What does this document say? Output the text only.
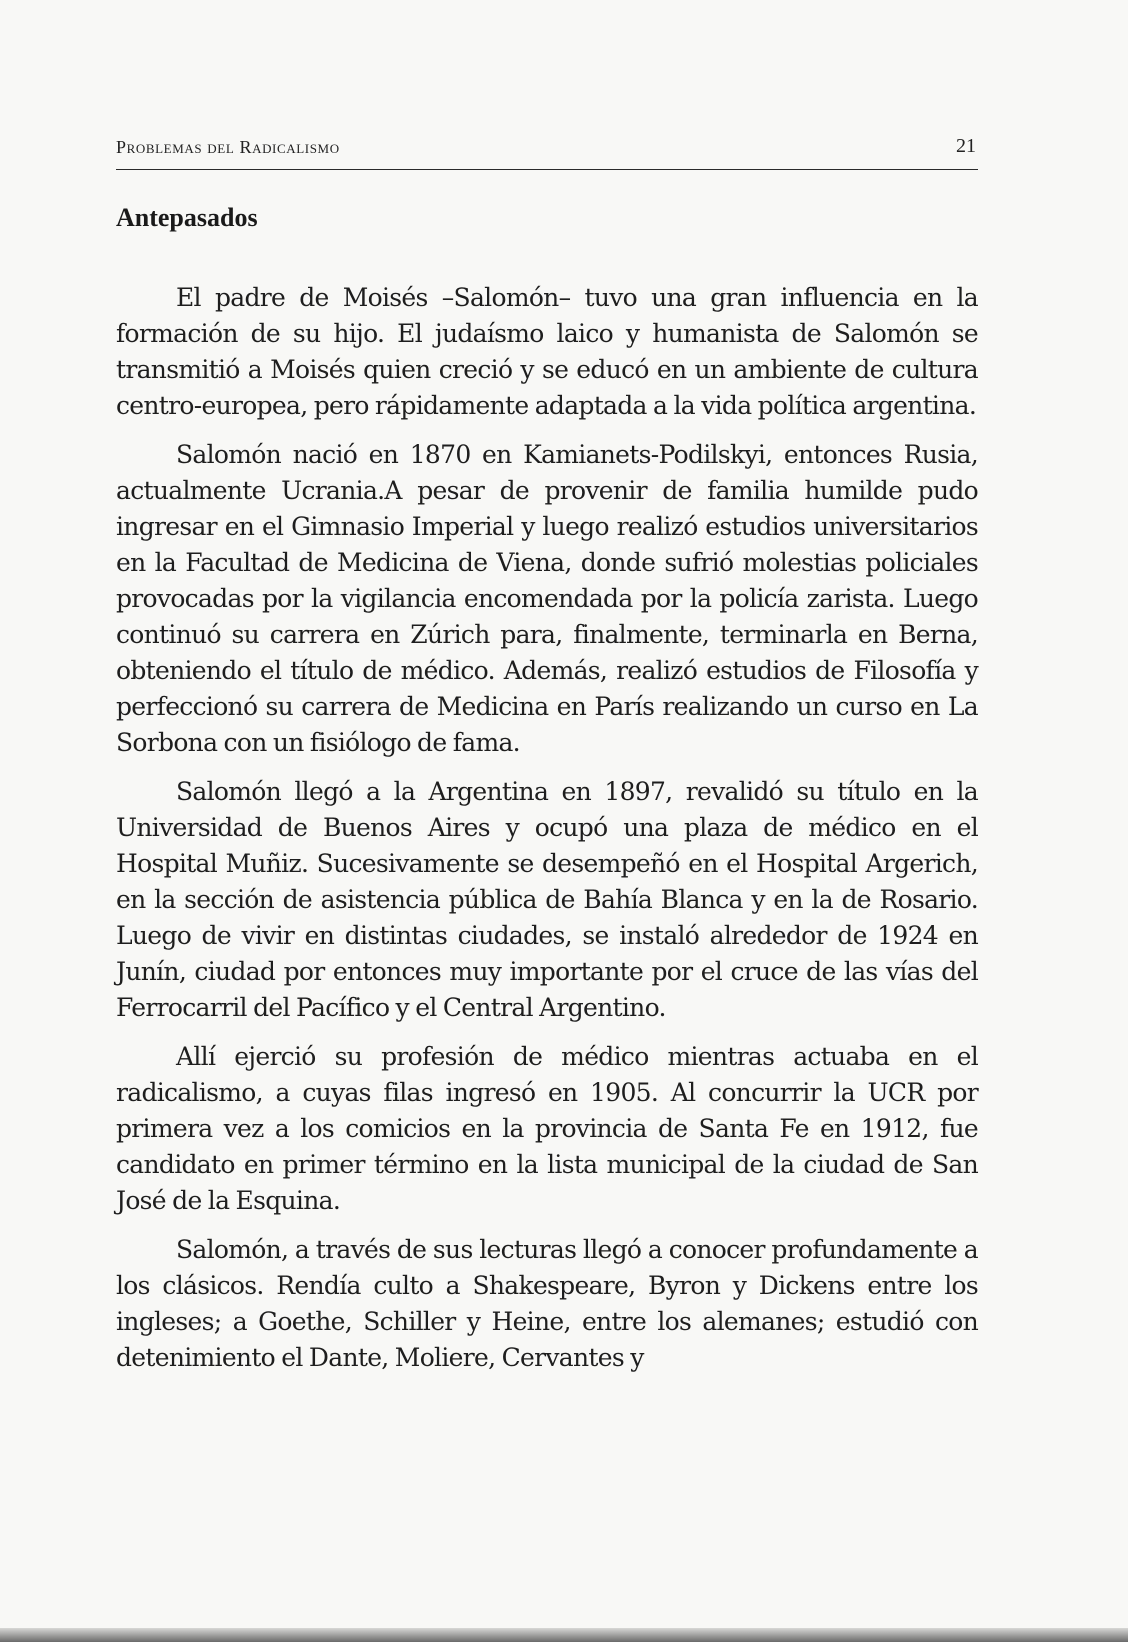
Problemas del Radicalismo	21
Antepasados

El padre de Moisés –Salomón– tuvo una gran influencia en la formación de su hijo. El judaísmo laico y humanista de Salomón se transmitió a Moisés quien creció y se educó en un ambiente de cultura centro-europea, pero rápidamente adaptada a la vida política argentina.

Salomón nació en 1870 en Kamianets-Podilskyi, entonces Rusia, actualmente Ucrania.A pesar de provenir de familia humilde pudo ingresar en el Gimnasio Imperial y luego realizó estudios universitarios en la Facultad de Medicina de Viena, donde sufrió molestias policiales provocadas por la vigilancia encomendada por la policía zarista. Luego continuó su carrera en Zúrich para, finalmente, terminarla en Berna, obteniendo el título de médico. Además, realizó estudios de Filosofía y perfeccionó su carrera de Medicina en París realizando un curso en La Sorbona con un fisiólogo de fama.

Salomón llegó a la Argentina en 1897, revalidó su título en la Universidad de Buenos Aires y ocupó una plaza de médico en el Hospital Muñiz. Sucesivamente se desempeñó en el Hospital Argerich, en la sección de asistencia pública de Bahía Blanca y en la de Rosario. Luego de vivir en distintas ciudades, se instaló alrededor de 1924 en Junín, ciudad por entonces muy importante por el cruce de las vías del Ferrocarril del Pacífico y el Central Argentino.

Allí ejerció su profesión de médico mientras actuaba en el radicalismo, a cuyas filas ingresó en 1905. Al concurrir la UCR por primera vez a los comicios en la provincia de Santa Fe en 1912, fue candidato en primer término en la lista municipal de la ciudad de San José de la Esquina.

Salomón, a través de sus lecturas llegó a conocer profundamente a los clásicos. Rendía culto a Shakespeare, Byron y Dickens entre los ingleses; a Goethe, Schiller y Heine, entre los alemanes; estudió con detenimiento el Dante, Moliere, Cervantes y
